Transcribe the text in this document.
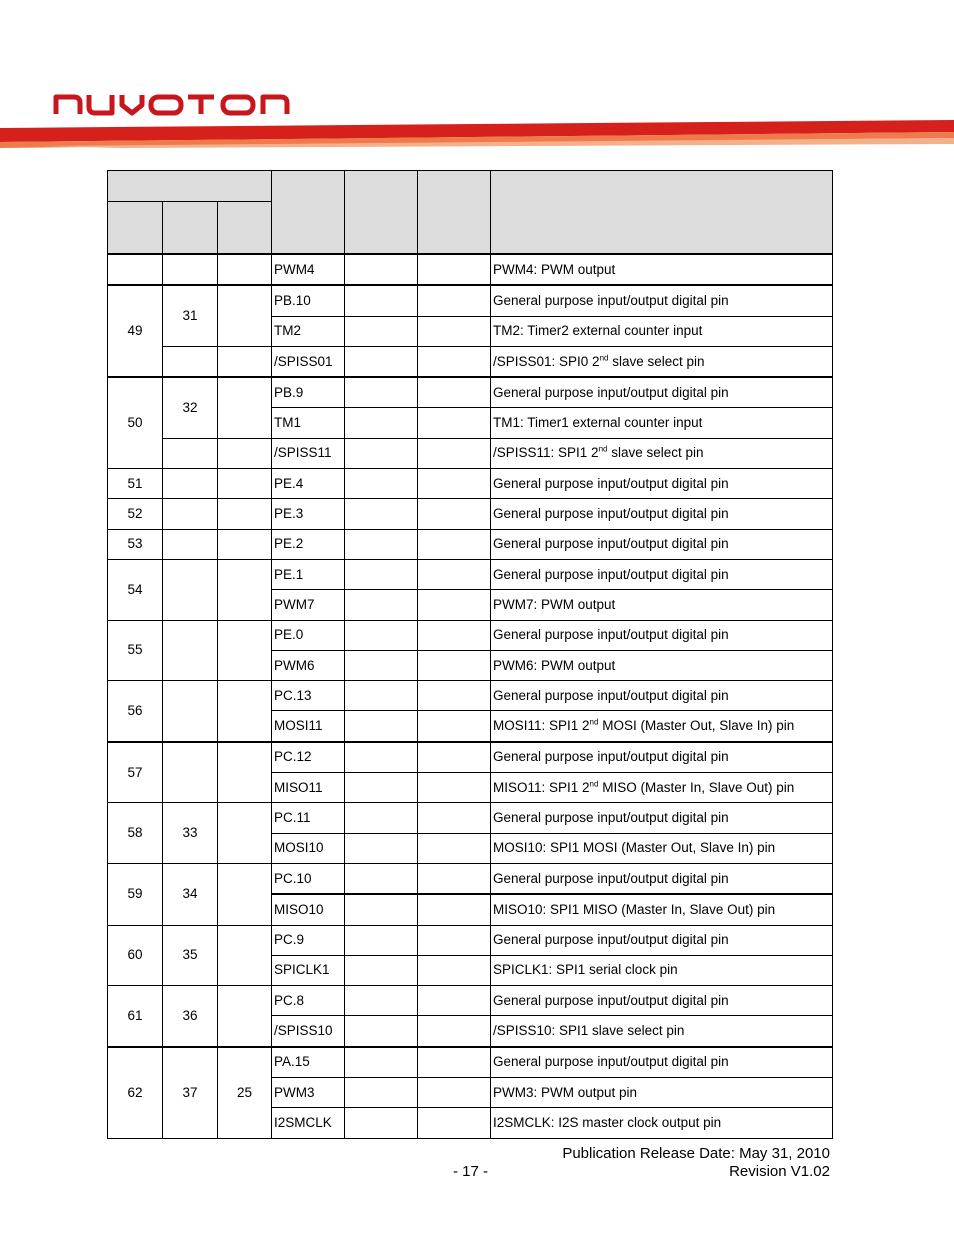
			PWM4			PWM4: PWM output
49	31		PB.10			General purpose input/output digital pin
			TM2			TM2: Timer2 external counter input
			/SPISS01			/SPISS01: SPI0 2nd slave select pin
50	32		PB.9			General purpose input/output digital pin
			TM1			TM1: Timer1 external counter input
			/SPISS11			/SPISS11: SPI1 2nd slave select pin
51			PE.4			General purpose input/output digital pin
52			PE.3			General purpose input/output digital pin
53			PE.2			General purpose input/output digital pin
54			PE.1			General purpose input/output digital pin
			PWM7			PWM7: PWM output
55			PE.0			General purpose input/output digital pin
			PWM6			PWM6: PWM output
56			PC.13			General purpose input/output digital pin
			MOSI11			MOSI11: SPI1 2nd MOSI (Master Out, Slave In) pin
57			PC.12			General purpose input/output digital pin
			MISO11			MISO11: SPI1 2nd MISO (Master In, Slave Out) pin
58	33		PC.11			General purpose input/output digital pin
			MOSI10			MOSI10: SPI1 MOSI (Master Out, Slave In) pin
59	34		PC.10			General purpose input/output digital pin
			MISO10			MISO10: SPI1 MISO (Master In, Slave Out) pin
60	35		PC.9			General purpose input/output digital pin
			SPICLK1			SPICLK1: SPI1 serial clock pin
61	36		PC.8			General purpose input/output digital pin
			/SPISS10			/SPISS10: SPI1 slave select pin
62	37	25	PA.15			General purpose input/output digital pin
			PWM3			PWM3: PWM output pin
			I2SMCLK			I2SMCLK: I2S master clock output pin
Publication Release Date: May 31, 2010
- 17 -	Revision V1.02
